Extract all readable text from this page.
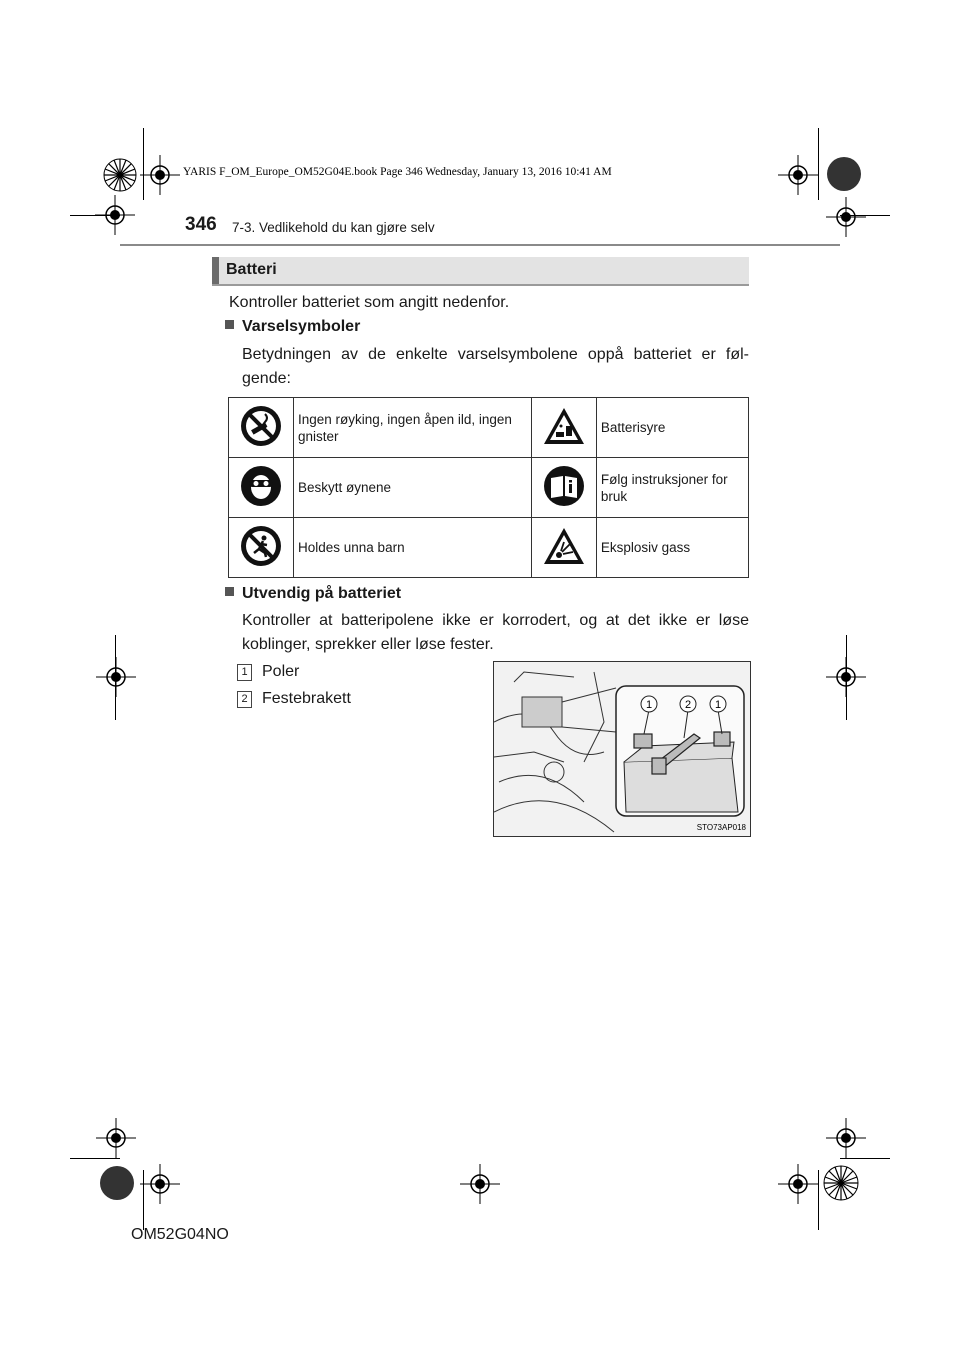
YARIS F_OM_Europe_OM52G04E.book Page 346 Wednesday, January 13, 2016 10:41 AM
346 7-3. Vedlikehold du kan gjøre selv
Batteri
Kontroller batteriet som angitt nedenfor.
Varselsymboler
Betydningen av de enkelte varselsymbolene oppå batteriet er føl-gende:
	Ingen røyking, ingen åpen ild, ingen gnister		Batterisyre
	Beskytt øynene		Følg instruksjoner for bruk
	Holdes unna barn		Eksplosiv gass
Utvendig på batteriet
Kontroller at batteripolene ikke er korrodert, og at det ikke er løse koblinger, sprekker eller løse fester.
1 Poler
2 Festebrakett	1	2 1
STO73AP018
OM52G04NO
